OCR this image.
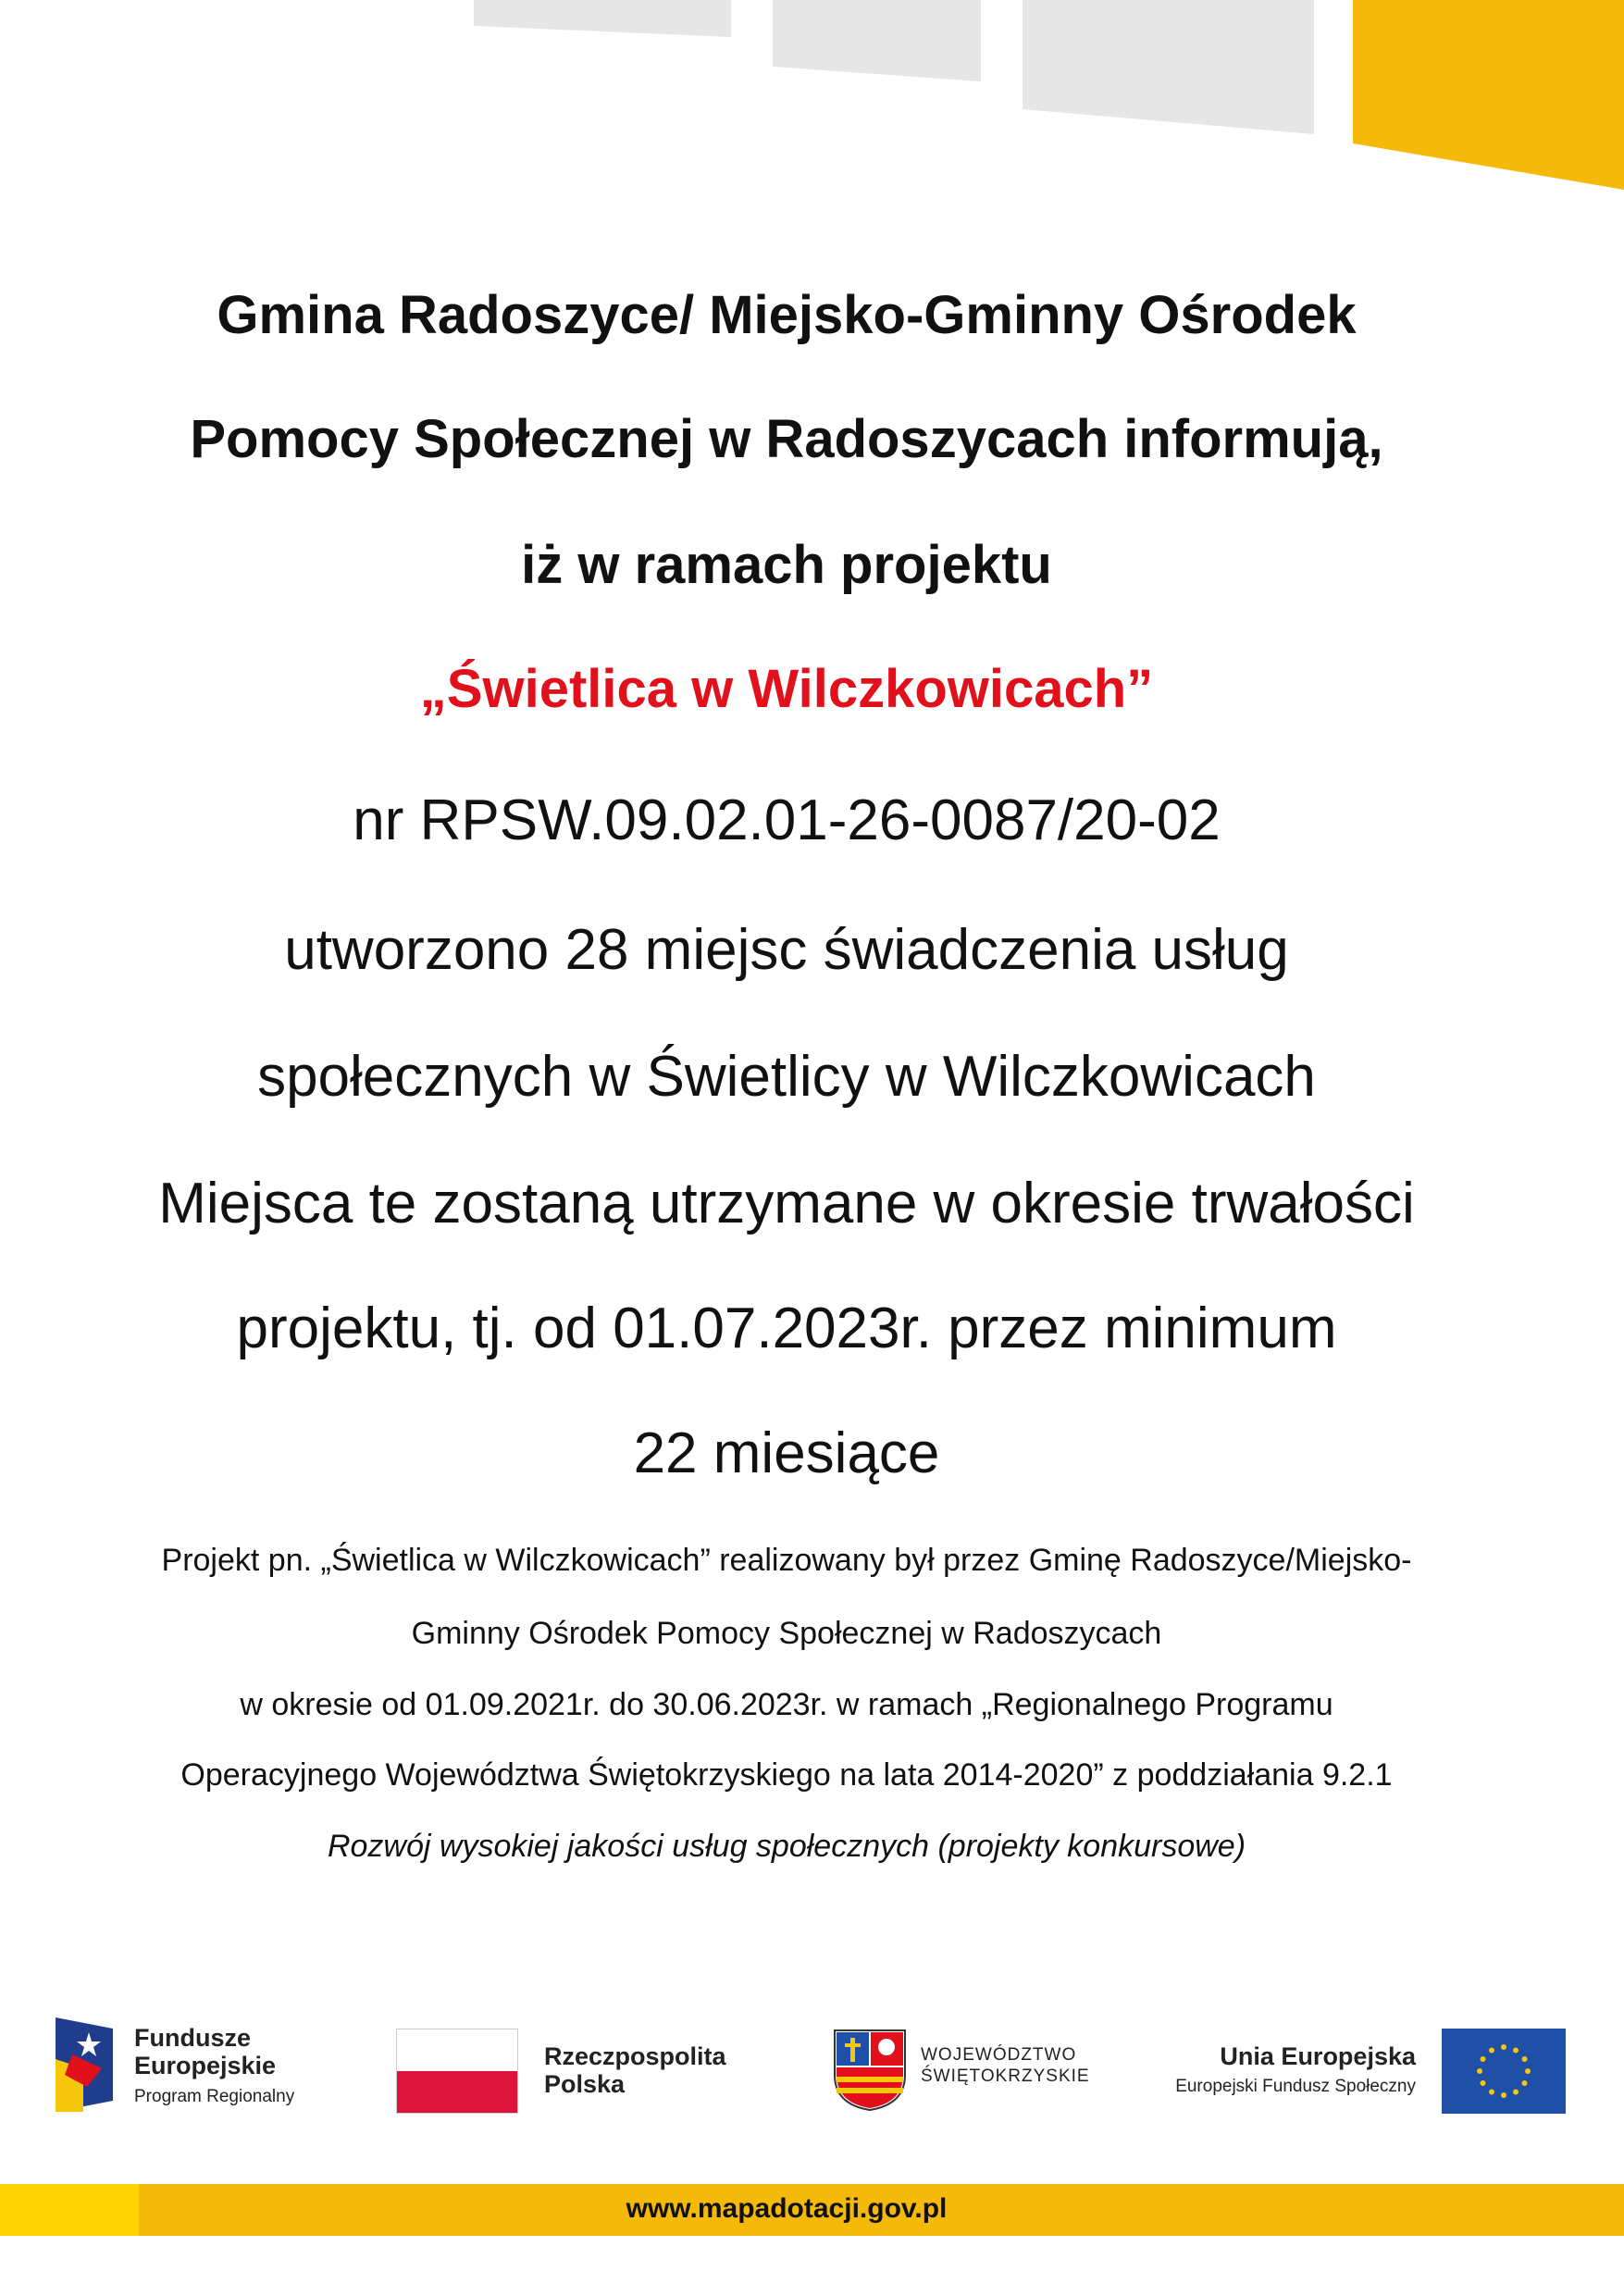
Gmina Radoszyce/ Miejsko-Gminny Ośrodek
Pomocy Społecznej w Radoszycach informują,
iż w ramach projektu
„Świetlica w Wilczkowicach”
nr RPSW.09.02.01-26-0087/20-02
utworzono 28 miejsc świadczenia usług
społecznych w Świetlicy w Wilczkowicach
Miejsca te zostaną utrzymane w okresie trwałości
projektu, tj. od 01.07.2023r. przez minimum
22 miesiące
Projekt pn. „Świetlica w Wilczkowicach” realizowany był przez Gminę Radoszyce/Miejsko-
Gminny Ośrodek Pomocy Społecznej w Radoszycach
w okresie od 01.09.2021r. do 30.06.2023r. w ramach „Regionalnego Programu
Operacyjnego Województwa Świętokrzyskiego na lata 2014-2020” z poddziałania 9.2.1
Rozwój wysokiej jakości usług społecznych (projekty konkursowe)
Fundusze
Europejskie
Program Regionalny
Rzeczpospolita
Polska
WOJEWÓDZTWO
ŚWIĘTOKRZYSKIE
Unia Europejska
Europejski Fundusz Społeczny
www.mapadotacji.gov.pl
